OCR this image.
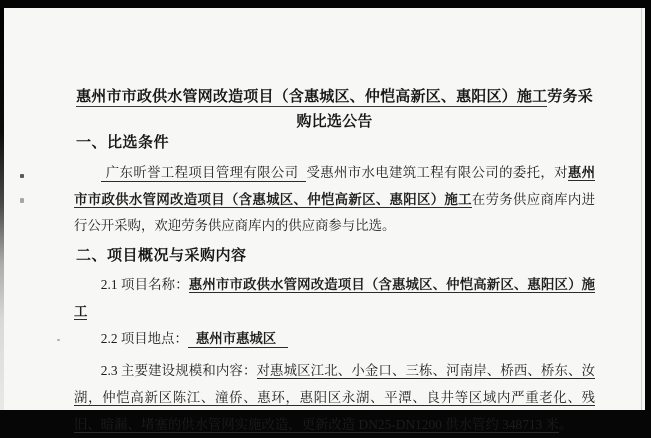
惠州市市政供水管网改造项目（含惠城区、仲恺高新区、惠阳区）施工劳务采购比选公告
一、比选条件

广东昕誉工程项目管理有限公司 受惠州市水电建筑工程有限公司的委托，对惠州市市政供水管网改造项目（含惠城区、仲恺高新区、惠阳区）施工在劳务供应商库内进行公开采购，欢迎劳务供应商库内的供应商参与比选。

二、项目概况与采购内容

2.1 项目名称：惠州市市政供水管网改造项目（含惠城区、仲恺高新区、惠阳区）施工

2.2 项目地点： 惠州市惠城区

2.3 主要建设规模和内容：对惠城区江北、小金口、三栋、河南岸、桥西、桥东、汝湖，仲恺高新区陈江、潼侨、惠环，惠阳区永湖、平潭、良井等区域内严重老化、残旧、暗漏、堵塞的供水管网实施改造，更新改造 DN25-DN1200 供水管约 348713 米。
